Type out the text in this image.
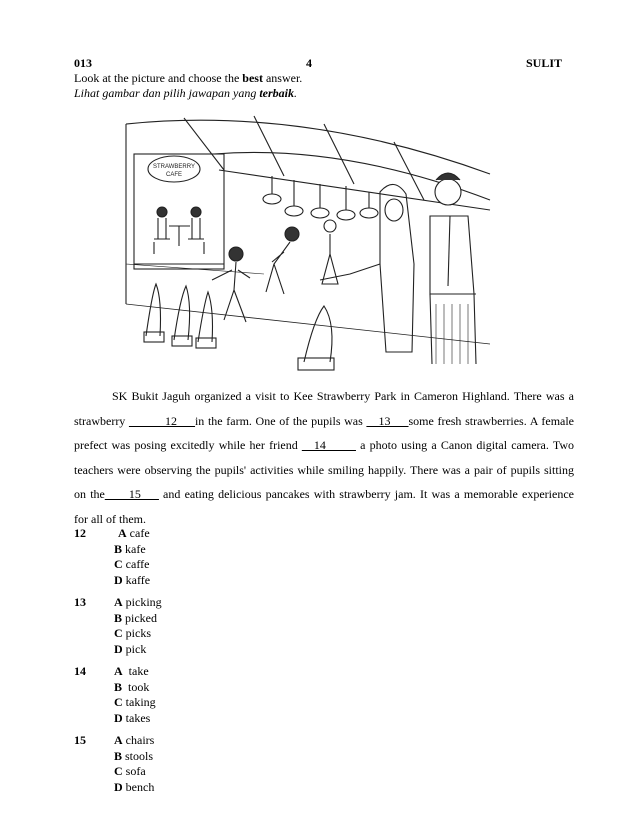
013	4	SULIT
Look at the picture and choose the best answer.
Lihat gambar dan pilih jawapan yang terbaik.
STRAWBERRY
CAFE

SK Bukit Jaguh organized a visit to Kee Strawberry Park in Cameron Highland. There was a strawberry ______12___in the farm. One of the pupils was __13___some fresh strawberries. A female prefect was posing excitedly while her friend __14_____ a photo using a Canon digital camera. Two teachers were observing the pupils' activities while smiling happily. There was a pair of pupils sitting on the____15___ and eating delicious pancakes with strawberry jam. It was a memorable experience for all of them.

12	A cafe
B kafe
C caffe
D kaffe
13 A picking
B picked
C picks
D pick
14 A take
B took
C taking
D takes
15 A chairs
B stools
C sofa
D bench
